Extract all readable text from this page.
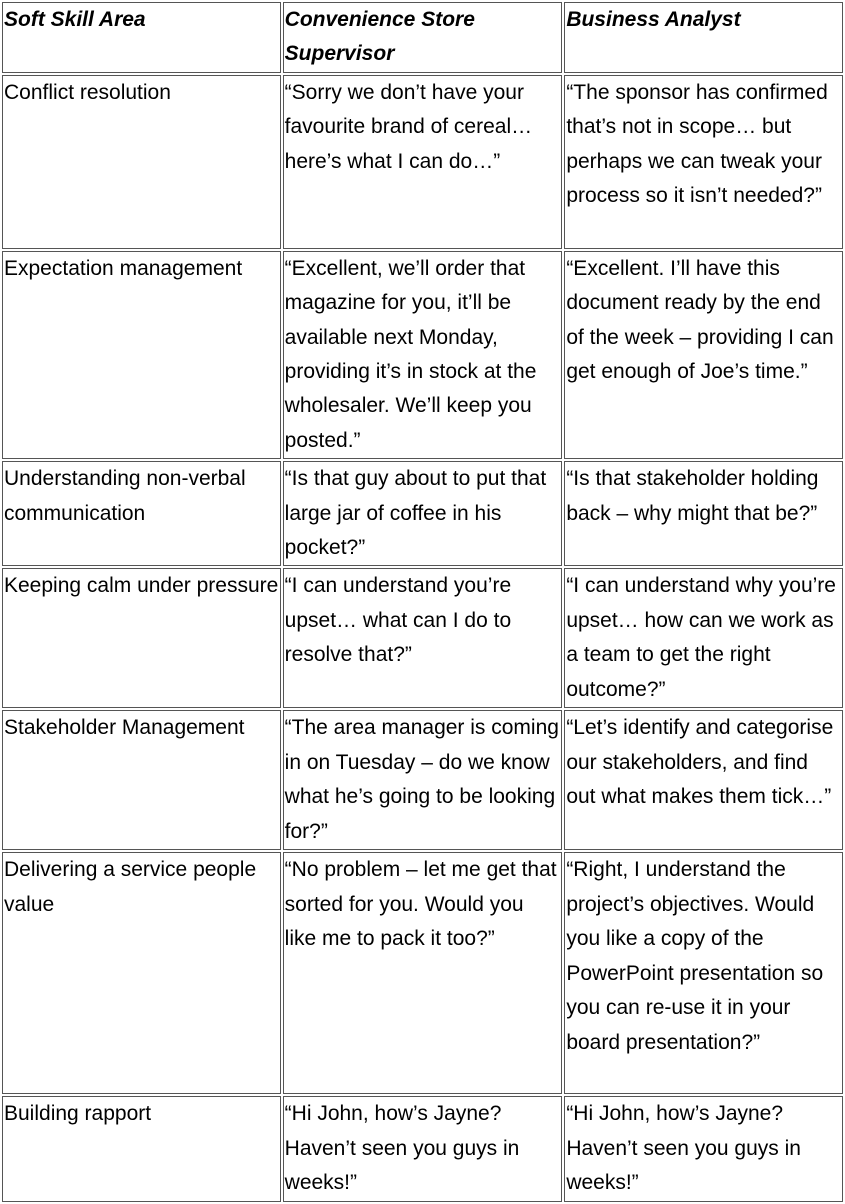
Soft Skill Area	Convenience Store Supervisor	Business Analyst
Conflict resolution	“Sorry we don’t have your favourite brand of cereal… here’s what I can do…”	“The sponsor has confirmed that’s not in scope… but perhaps we can tweak your process so it isn’t needed?”
Expectation management	“Excellent, we’ll order that magazine for you, it’ll be available next Monday, providing it’s in stock at the wholesaler. We’ll keep you posted.”	“Excellent. I’ll have this document ready by the end of the week – providing I can get enough of Joe’s time.”
Understanding non-verbal communication	“Is that guy about to put that large jar of coffee in his pocket?”	“Is that stakeholder holding back – why might that be?”
Keeping calm under pressure	“I can understand you’re upset… what can I do to resolve that?”	“I can understand why you’re upset… how can we work as a team to get the right outcome?”
Stakeholder Management	“The area manager is coming in on Tuesday – do we know what he’s going to be looking for?”	“Let’s identify and categorise our stakeholders, and find out what makes them tick…”
Delivering a service people value	“No problem – let me get that sorted for you. Would you like me to pack it too?”	“Right, I understand the project’s objectives. Would you like a copy of the PowerPoint presentation so you can re-use it in your board presentation?”
Building rapport	“Hi John, how’s Jayne? Haven’t seen you guys in weeks!”	“Hi John, how’s Jayne? Haven’t seen you guys in weeks!”
